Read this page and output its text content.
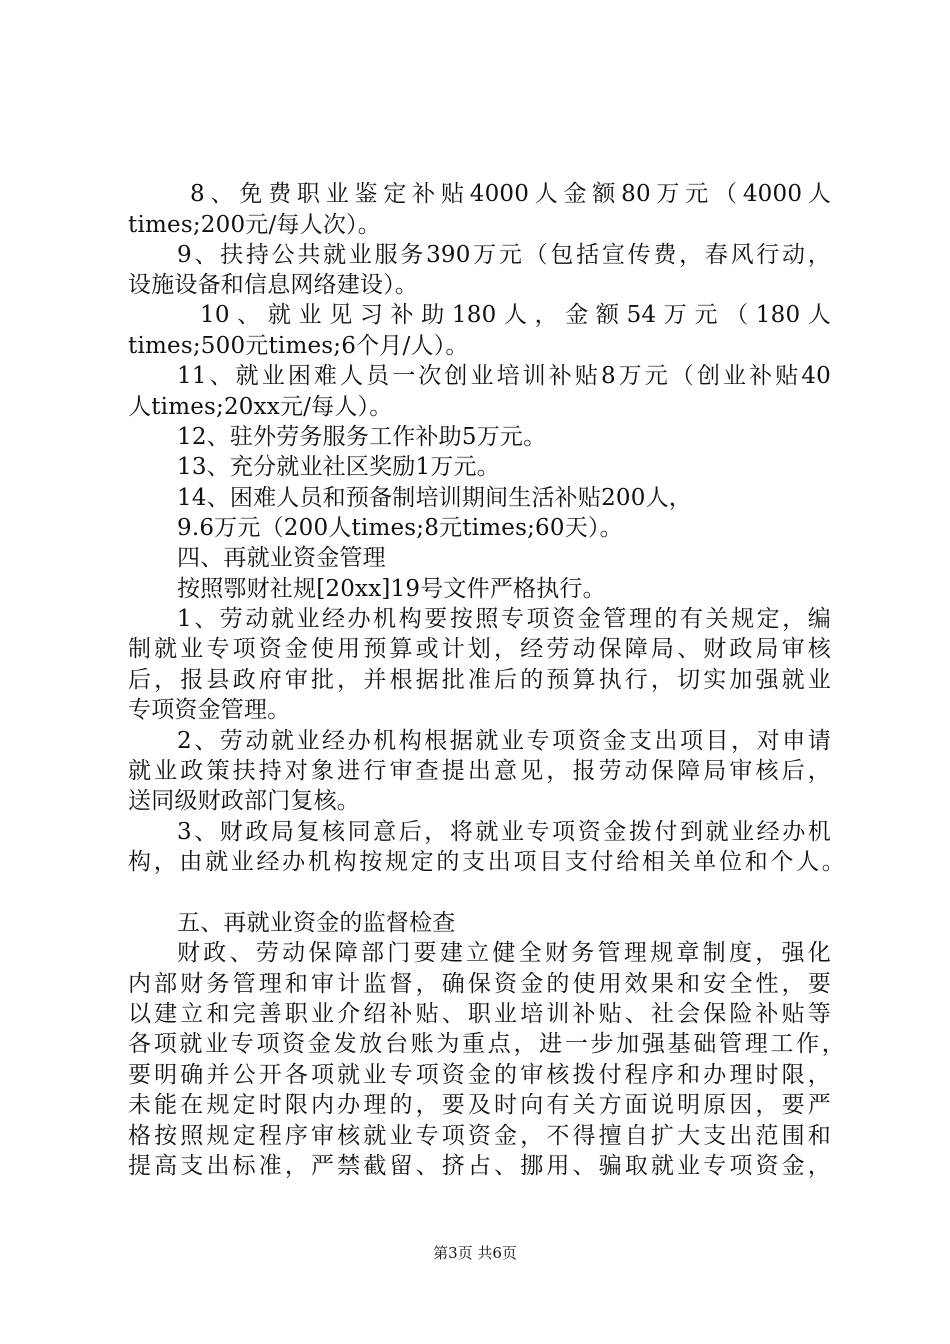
8、免费职业鉴定补贴4000人金额80万元（4000人
times;200元/每人次）。
9、扶持公共就业服务390万元（包括宣传费，春风行动，
设施设备和信息网络建设）。
10、就业见习补助180人，金额54万元（180人
times;500元times;6个月/人）。
11、就业困难人员一次创业培训补贴8万元（创业补贴40
人times;20xx元/每人）。
12、驻外劳务服务工作补助5万元。
13、充分就业社区奖励1万元。
14、困难人员和预备制培训期间生活补贴200人，
9.6万元（200人times;8元times;60天）。
四、再就业资金管理
按照鄂财社规[20xx]19号文件严格执行。
1、劳动就业经办机构要按照专项资金管理的有关规定，编
制就业专项资金使用预算或计划，经劳动保障局、财政局审核
后，报县政府审批，并根据批准后的预算执行，切实加强就业
专项资金管理。
2、劳动就业经办机构根据就业专项资金支出项目，对申请
就业政策扶持对象进行审查提出意见，报劳动保障局审核后，
送同级财政部门复核。
3、财政局复核同意后，将就业专项资金拨付到就业经办机
构，由就业经办机构按规定的支出项目支付给相关单位和个人。
五、再就业资金的监督检查
财政、劳动保障部门要建立健全财务管理规章制度，强化
内部财务管理和审计监督，确保资金的使用效果和安全性，要
以建立和完善职业介绍补贴、职业培训补贴、社会保险补贴等
各项就业专项资金发放台账为重点，进一步加强基础管理工作，
要明确并公开各项就业专项资金的审核拨付程序和办理时限，
未能在规定时限内办理的，要及时向有关方面说明原因，要严
格按照规定程序审核就业专项资金，不得擅自扩大支出范围和
提高支出标准，严禁截留、挤占、挪用、骗取就业专项资金，
第3页 共6页
